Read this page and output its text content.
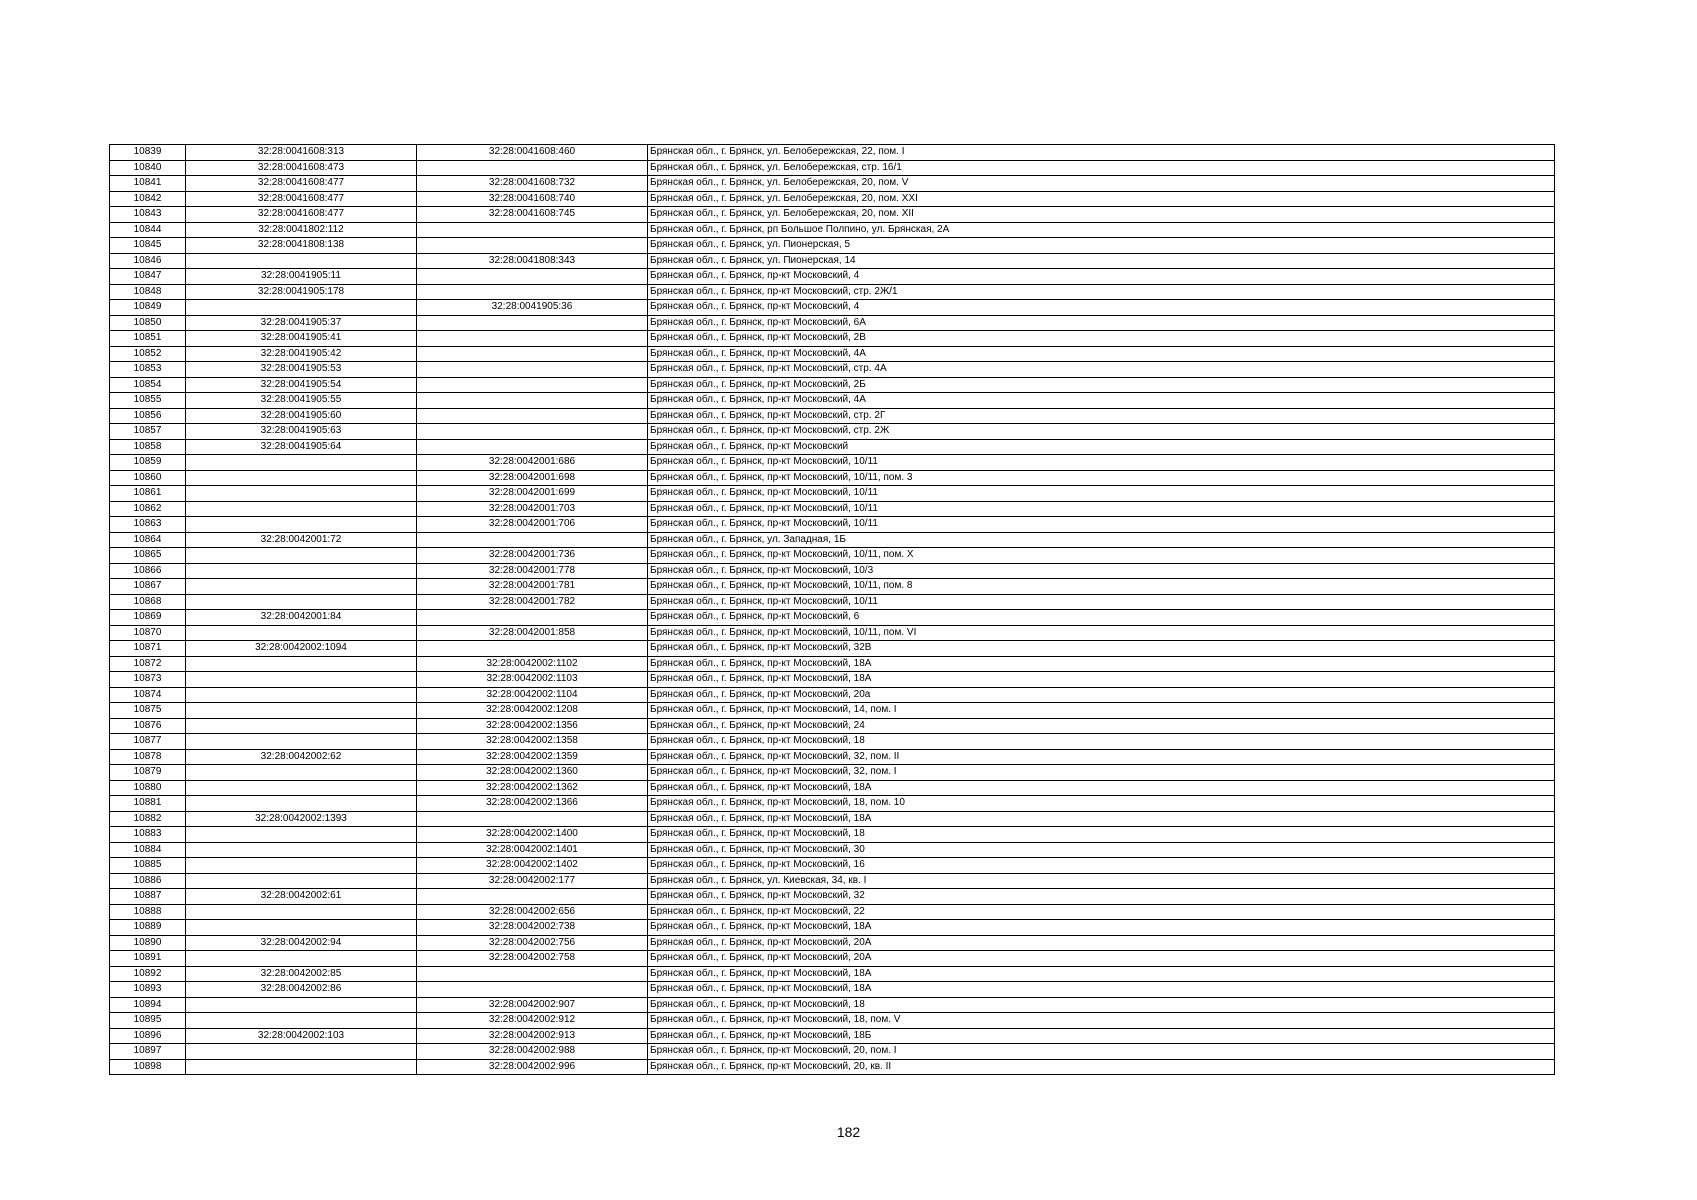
10839	32:28:0041608:313	32:28:0041608:460	Брянская обл., г. Брянск, ул. Белобережская, 22, пом. I
10840	32:28:0041608:473		Брянская обл., г. Брянск, ул. Белобережская, стр. 16/1
10841	32:28:0041608:477	32:28:0041608:732	Брянская обл., г. Брянск, ул. Белобережская, 20, пом. V
10842	32:28:0041608:477	32:28:0041608:740	Брянская обл., г. Брянск, ул. Белобережская, 20, пом. XXI
10843	32:28:0041608:477	32:28:0041608:745	Брянская обл., г. Брянск, ул. Белобережская, 20, пом. XII
10844	32:28:0041802:112		Брянская обл., г. Брянск, рп Большое Полпино, ул. Брянская, 2А
10845	32:28:0041808:138		Брянская обл., г. Брянск, ул. Пионерская, 5
10846		32:28:0041808:343	Брянская обл., г. Брянск, ул. Пионерская, 14
10847	32:28:0041905:11		Брянская обл., г. Брянск, пр-кт Московский, 4
10848	32:28:0041905:178		Брянская обл., г. Брянск, пр-кт Московский, стр. 2Ж/1
10849		32:28:0041905:36	Брянская обл., г. Брянск, пр-кт Московский, 4
10850	32:28:0041905:37		Брянская обл., г. Брянск, пр-кт Московский, 6А
10851	32:28:0041905:41		Брянская обл., г. Брянск, пр-кт Московский, 2В
10852	32:28:0041905:42		Брянская обл., г. Брянск, пр-кт Московский, 4А
10853	32:28:0041905:53		Брянская обл., г. Брянск, пр-кт Московский, стр. 4А
10854	32:28:0041905:54		Брянская обл., г. Брянск, пр-кт Московский, 2Б
10855	32:28:0041905:55		Брянская обл., г. Брянск, пр-кт Московский, 4А
10856	32:28:0041905:60		Брянская обл., г. Брянск, пр-кт Московский, стр. 2Г
10857	32:28:0041905:63		Брянская обл., г. Брянск, пр-кт Московский, стр. 2Ж
10858	32:28:0041905:64		Брянская обл., г. Брянск, пр-кт Московский
10859		32:28:0042001:686	Брянская обл., г. Брянск, пр-кт Московский, 10/11
10860		32:28:0042001:698	Брянская обл., г. Брянск, пр-кт Московский, 10/11, пом. 3
10861		32:28:0042001:699	Брянская обл., г. Брянск, пр-кт Московский, 10/11
10862		32:28:0042001:703	Брянская обл., г. Брянск, пр-кт Московский, 10/11
10863		32:28:0042001:706	Брянская обл., г. Брянск, пр-кт Московский, 10/11
10864	32:28:0042001:72		Брянская обл., г. Брянск, ул. Западная, 1Б
10865		32:28:0042001:736	Брянская обл., г. Брянск, пр-кт Московский, 10/11, пом. X
10866		32:28:0042001:778	Брянская обл., г. Брянск, пр-кт Московский, 10/3
10867		32:28:0042001:781	Брянская обл., г. Брянск, пр-кт Московский, 10/11, пом. 8
10868		32:28:0042001:782	Брянская обл., г. Брянск, пр-кт Московский, 10/11
10869	32:28:0042001:84		Брянская обл., г. Брянск, пр-кт Московский, 6
10870		32:28:0042001:858	Брянская обл., г. Брянск, пр-кт Московский, 10/11, пом. VI
10871	32:28:0042002:1094		Брянская обл., г. Брянск, пр-кт Московский, 32В
10872		32:28:0042002:1102	Брянская обл., г. Брянск, пр-кт Московский, 18А
10873		32:28:0042002:1103	Брянская обл., г. Брянск, пр-кт Московский, 18А
10874		32:28:0042002:1104	Брянская обл., г. Брянск, пр-кт Московский, 20а
10875		32:28:0042002:1208	Брянская обл., г. Брянск, пр-кт Московский, 14, пом. I
10876		32:28:0042002:1356	Брянская обл., г. Брянск, пр-кт Московский, 24
10877		32:28:0042002:1358	Брянская обл., г. Брянск, пр-кт Московский, 18
10878	32:28:0042002:62	32:28:0042002:1359	Брянская обл., г. Брянск, пр-кт Московский, 32, пом. II
10879		32:28:0042002:1360	Брянская обл., г. Брянск, пр-кт Московский, 32, пом. I
10880		32:28:0042002:1362	Брянская обл., г. Брянск, пр-кт Московский, 18А
10881		32:28:0042002:1366	Брянская обл., г. Брянск, пр-кт Московский, 18, пом. 10
10882	32:28:0042002:1393		Брянская обл., г. Брянск, пр-кт Московский, 18А
10883		32:28:0042002:1400	Брянская обл., г. Брянск, пр-кт Московский, 18
10884		32:28:0042002:1401	Брянская обл., г. Брянск, пр-кт Московский, 30
10885		32:28:0042002:1402	Брянская обл., г. Брянск, пр-кт Московский, 16
10886		32:28:0042002:177	Брянская обл., г. Брянск, ул. Киевская, 34, кв. I
10887	32:28:0042002:61		Брянская обл., г. Брянск, пр-кт Московский, 32
10888		32:28:0042002:656	Брянская обл., г. Брянск, пр-кт Московский, 22
10889		32:28:0042002:738	Брянская обл., г. Брянск, пр-кт Московский, 18А
10890	32:28:0042002:94	32:28:0042002:756	Брянская обл., г. Брянск, пр-кт Московский, 20А
10891		32:28:0042002:758	Брянская обл., г. Брянск, пр-кт Московский, 20А
10892	32:28:0042002:85		Брянская обл., г. Брянск, пр-кт Московский, 18А
10893	32:28:0042002:86		Брянская обл., г. Брянск, пр-кт Московский, 18А
10894		32:28:0042002:907	Брянская обл., г. Брянск, пр-кт Московский, 18
10895		32:28:0042002:912	Брянская обл., г. Брянск, пр-кт Московский, 18, пом. V
10896	32:28:0042002:103	32:28:0042002:913	Брянская обл., г. Брянск, пр-кт Московский, 18Б
10897		32:28:0042002:988	Брянская обл., г. Брянск, пр-кт Московский, 20, пом. I
10898		32:28:0042002:996	Брянская обл., г. Брянск, пр-кт Московский, 20, кв. II
182
